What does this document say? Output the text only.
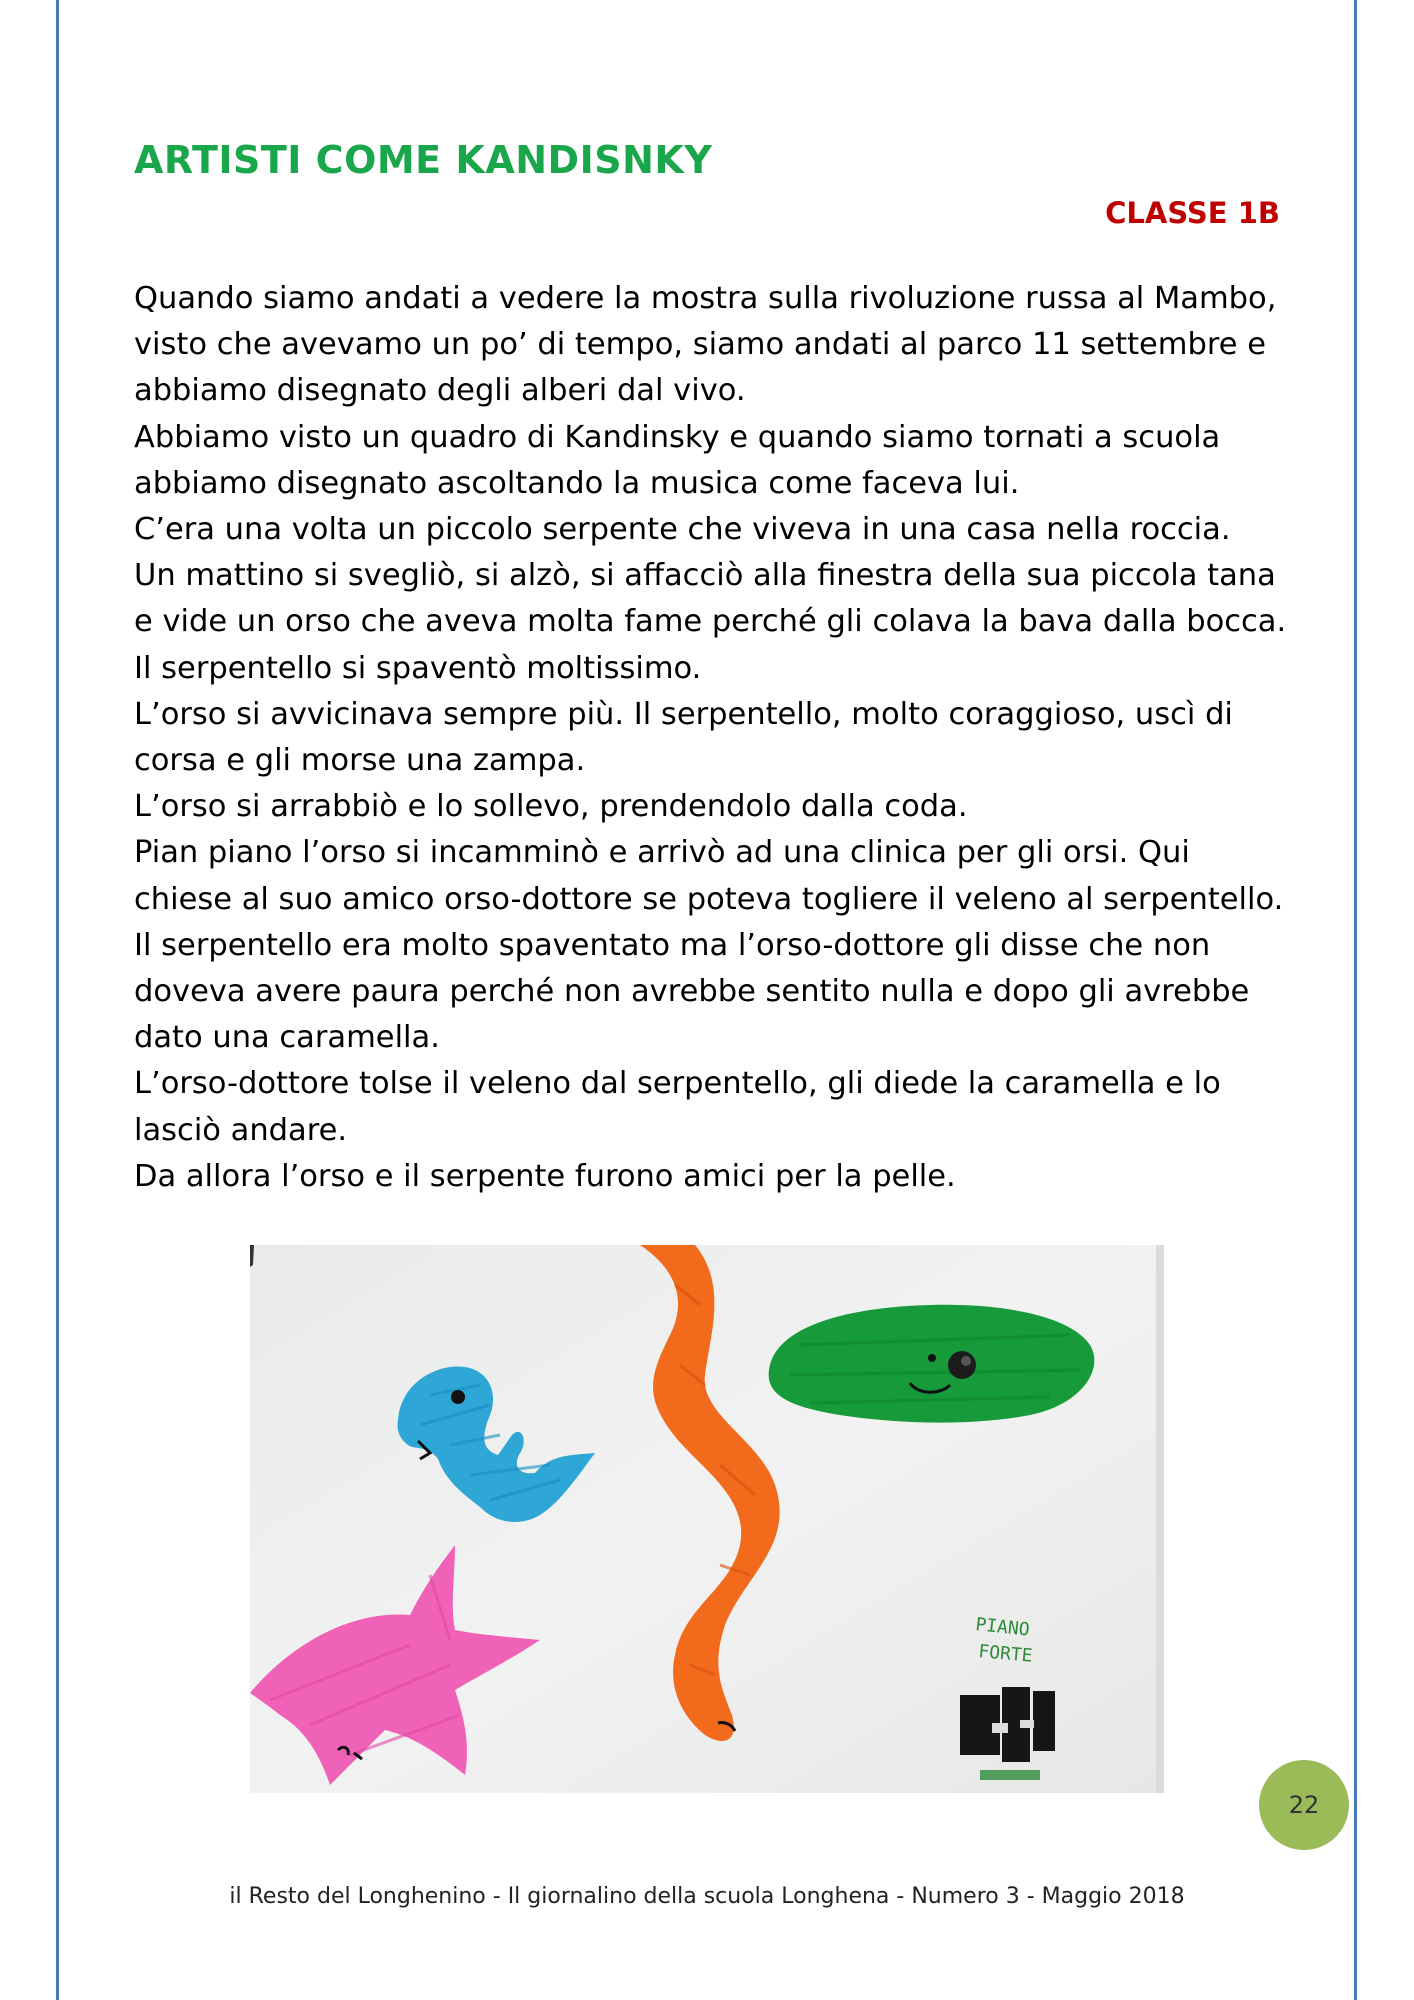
ARTISTI COME KANDISNKY
CLASSE 1B

Quando siamo andati a vedere la mostra sulla rivoluzione russa al Mambo, visto che avevamo un po’ di tempo, siamo andati al parco 11 settembre e abbiamo disegnato degli alberi dal vivo.

Abbiamo visto un quadro di Kandinsky e quando siamo tornati a scuola abbiamo disegnato ascoltando la musica come faceva lui.

C’era una volta un piccolo serpente che viveva in una casa nella roccia.

Un mattino si svegliò, si alzò, si affacciò alla finestra della sua piccola tana e vide un orso che aveva molta fame perché gli colava la bava dalla bocca.

Il serpentello si spaventò moltissimo.

L’orso si avvicinava sempre più. Il serpentello, molto coraggioso, uscì di corsa e gli morse una zampa.

L’orso si arrabbiò e lo sollevo, prendendolo dalla coda.

Pian piano l’orso si incamminò e arrivò ad una clinica per gli orsi. Qui chiese al suo amico orso-dottore se poteva togliere il veleno al serpentello.

Il serpentello era molto spaventato ma l’orso-dottore gli disse che non doveva avere paura perché non avrebbe sentito nulla e dopo gli avrebbe dato una caramella.

L’orso-dottore tolse il veleno dal serpentello, gli diede la caramella e lo lasciò andare.

Da allora l’orso e il serpente furono amici per la pelle.

PIANO
FORTE
22
il Resto del Longhenino - Il giornalino della scuola Longhena - Numero 3 - Maggio 2018
